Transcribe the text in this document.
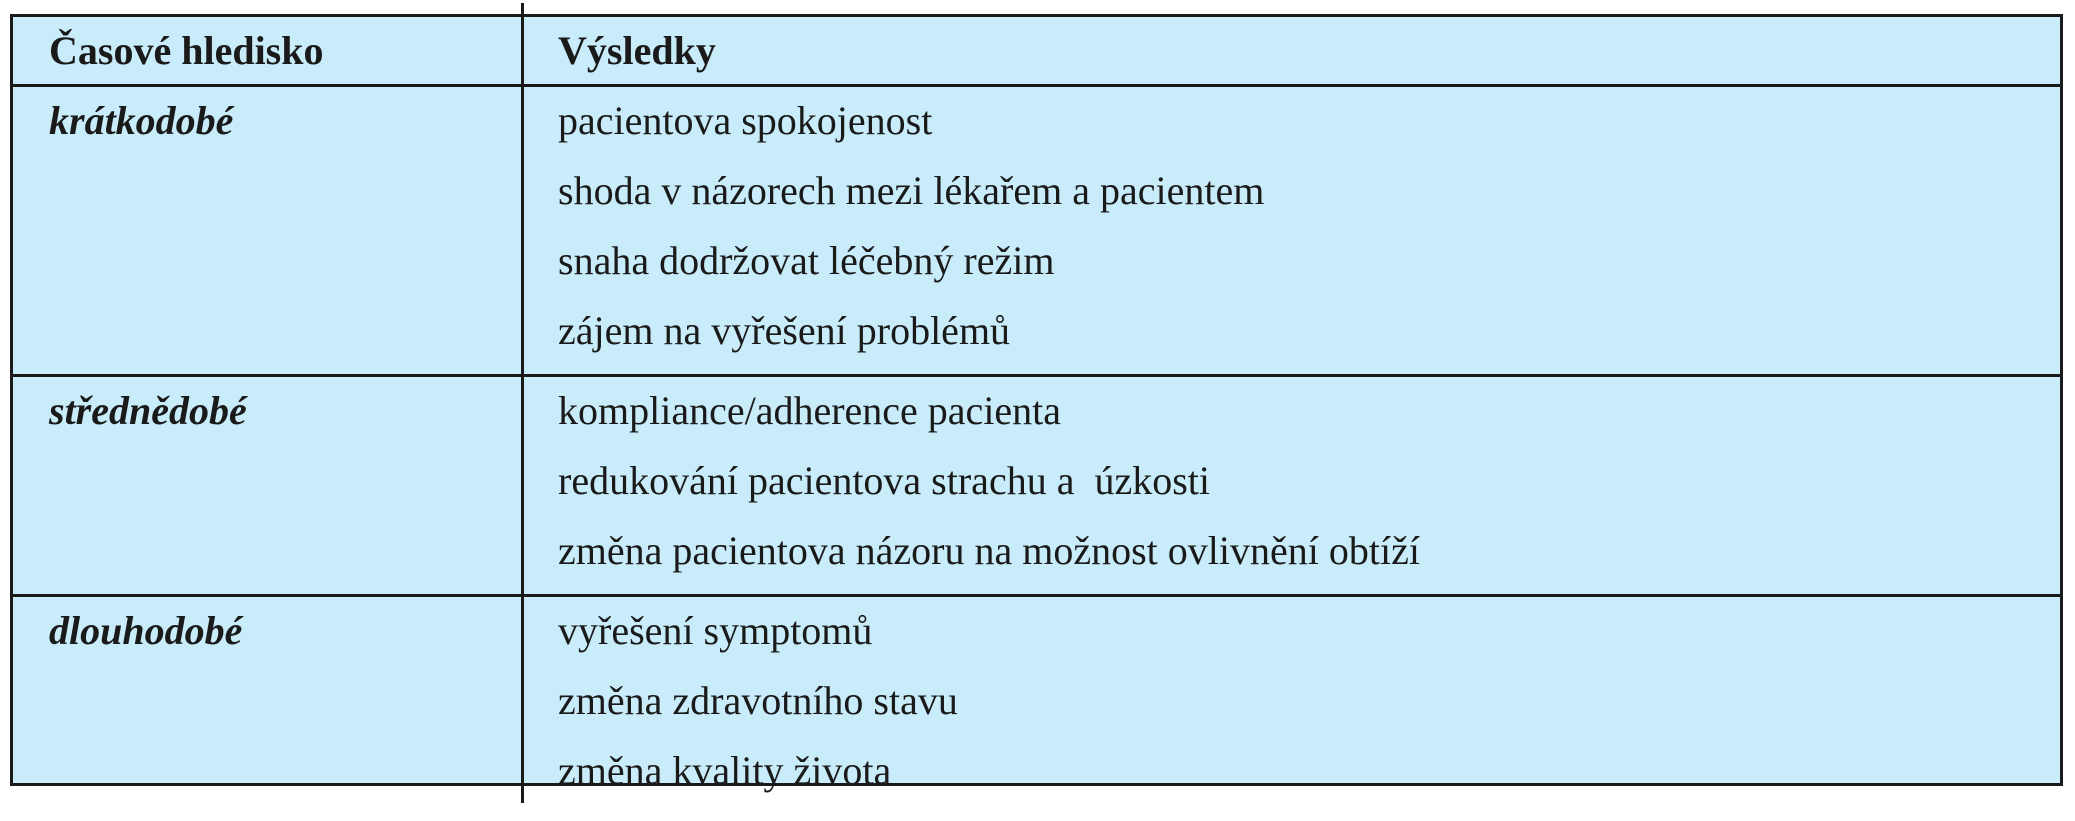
Časové hledisko	Výsledky
krátkodobé	pacientova spokojenost
shoda v názorech mezi lékařem a pacientem
snaha dodržovat léčebný režim
zájem na vyřešení problémů
střednědobé	kompliance/adherence pacienta
redukování pacientova strachu a  úzkosti
změna pacientova názoru na možnost ovlivnění obtíží
dlouhodobé	vyřešení symptomů
změna zdravotního stavu
změna kvality života
